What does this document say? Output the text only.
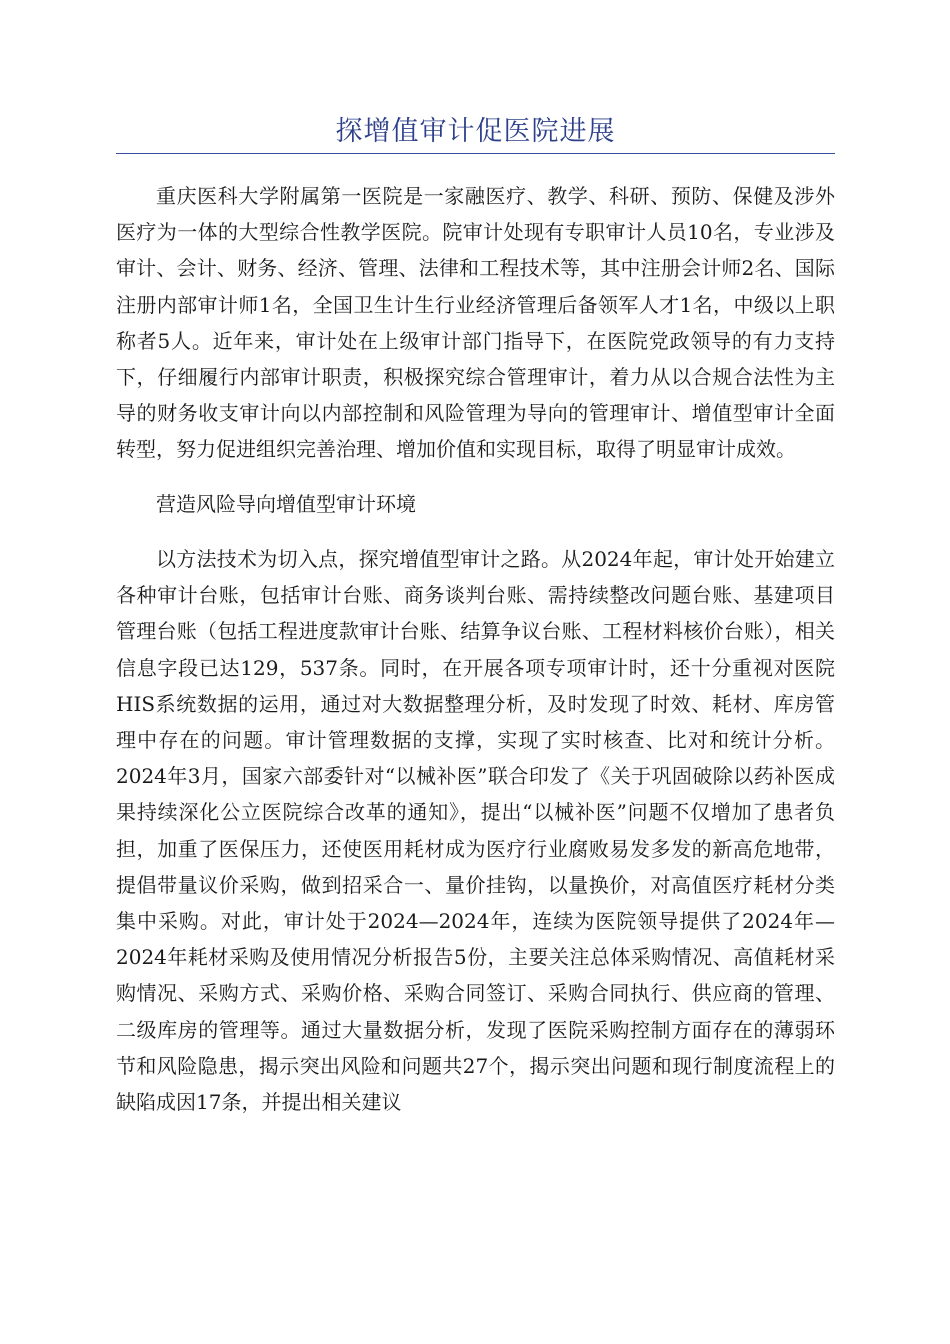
探增值审计促医院进展

重庆医科大学附属第一医院是一家融医疗、教学、科研、预防、保健及涉外医疗为一体的大型综合性教学医院。院审计处现有专职审计人员10名，专业涉及审计、会计、财务、经济、管理、法律和工程技术等，其中注册会计师2名、国际注册内部审计师1名，全国卫生计生行业经济管理后备领军人才1名，中级以上职称者5人。近年来，审计处在上级审计部门指导下，在医院党政领导的有力支持下，仔细履行内部审计职责，积极探究综合管理审计，着力从以合规合法性为主导的财务收支审计向以内部控制和风险管理为导向的管理审计、增值型审计全面转型，努力促进组织完善治理、增加价值和实现目标，取得了明显审计成效。

营造风险导向增值型审计环境

以方法技术为切入点，探究增值型审计之路。从2024年起，审计处开始建立各种审计台账，包括审计台账、商务谈判台账、需持续整改问题台账、基建项目管理台账（包括工程进度款审计台账、结算争议台账、工程材料核价台账），相关信息字段已达129，537条。同时，在开展各项专项审计时，还十分重视对医院HIS系统数据的运用，通过对大数据整理分析，及时发现了时效、耗材、库房管理中存在的问题。审计管理数据的支撑，实现了实时核查、比对和统计分析。2024年3月，国家六部委针对“以械补医”联合印发了《关于巩固破除以药补医成果持续深化公立医院综合改革的通知》，提出“以械补医”问题不仅增加了患者负担，加重了医保压力，还使医用耗材成为医疗行业腐败易发多发的新高危地带，提倡带量议价采购，做到招采合一、量价挂钩，以量换价，对高值医疗耗材分类集中采购。对此，审计处于2024—2024年，连续为医院领导提供了2024年—2024年耗材采购及使用情况分析报告5份，主要关注总体采购情况、高值耗材采购情况、采购方式、采购价格、采购合同签订、采购合同执行、供应商的管理、二级库房的管理等。通过大量数据分析，发现了医院采购控制方面存在的薄弱环节和风险隐患，揭示突出风险和问题共27个，揭示突出问题和现行制度流程上的缺陷成因17条，并提出相关建议
